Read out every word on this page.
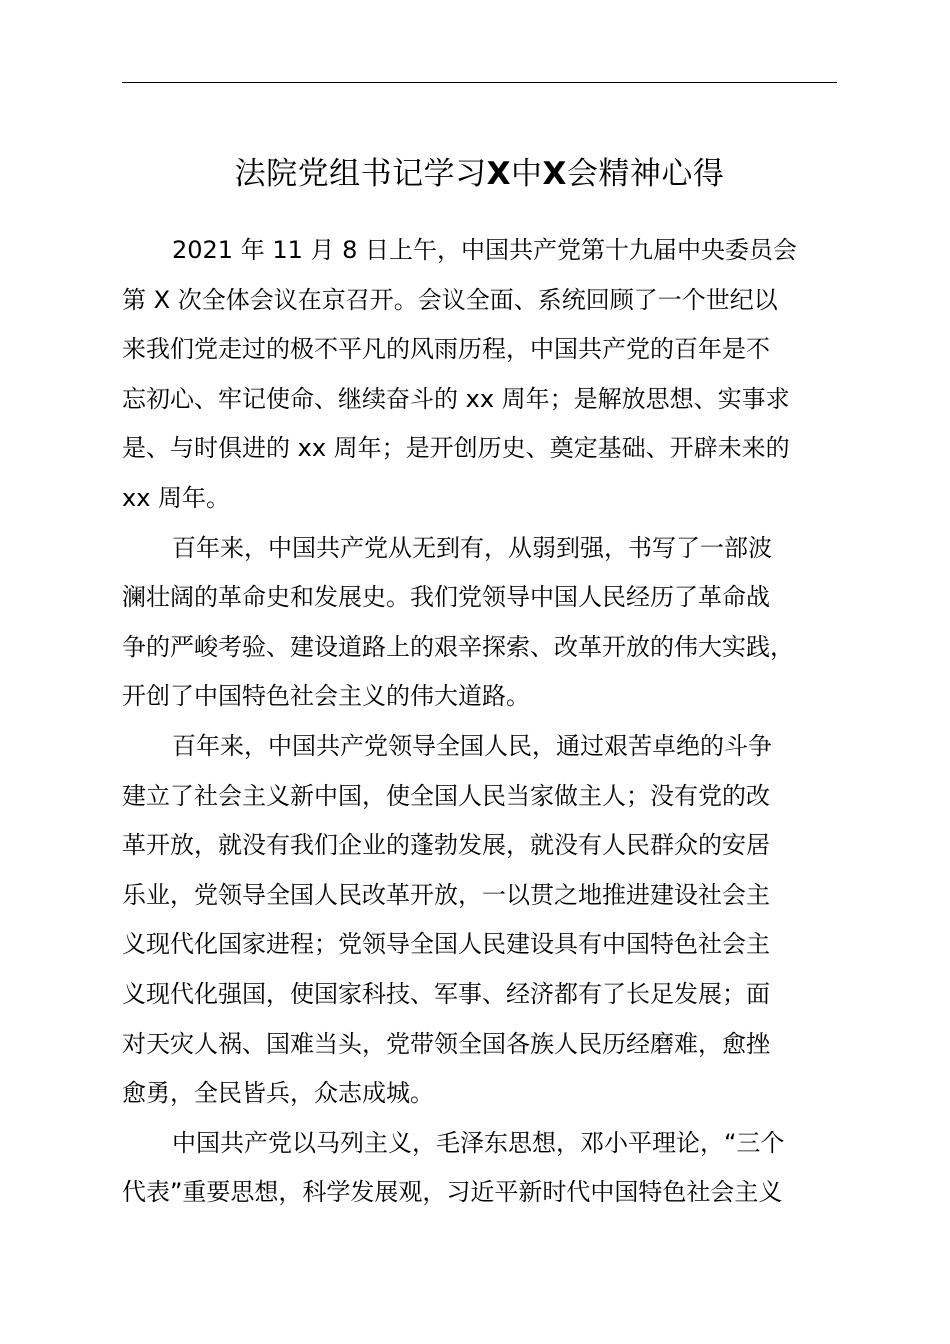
法院党组书记学习X中X会精神心得
2021 年 11 月 8 日上午，中国共产党第十九届中央委员会
第 X 次全体会议在京召开。会议全面、系统回顾了一个世纪以
来我们党走过的极不平凡的风雨历程，中国共产党的百年是不
忘初心、牢记使命、继续奋斗的 xx 周年；是解放思想、实事求
是、与时俱进的 xx 周年；是开创历史、奠定基础、开辟未来的
xx 周年。
百年来，中国共产党从无到有，从弱到强，书写了一部波
澜壮阔的革命史和发展史。我们党领导中国人民经历了革命战
争的严峻考验、建设道路上的艰辛探索、改革开放的伟大实践，
开创了中国特色社会主义的伟大道路。
百年来，中国共产党领导全国人民，通过艰苦卓绝的斗争
建立了社会主义新中国，使全国人民当家做主人；没有党的改
革开放，就没有我们企业的蓬勃发展，就没有人民群众的安居
乐业，党领导全国人民改革开放，一以贯之地推进建设社会主
义现代化国家进程；党领导全国人民建设具有中国特色社会主
义现代化强国，使国家科技、军事、经济都有了长足发展；面
对天灾人祸、国难当头，党带领全国各族人民历经磨难，愈挫
愈勇，全民皆兵，众志成城。
中国共产党以马列主义，毛泽东思想，邓小平理论，“三个
代表”重要思想，科学发展观，习近平新时代中国特色社会主义
